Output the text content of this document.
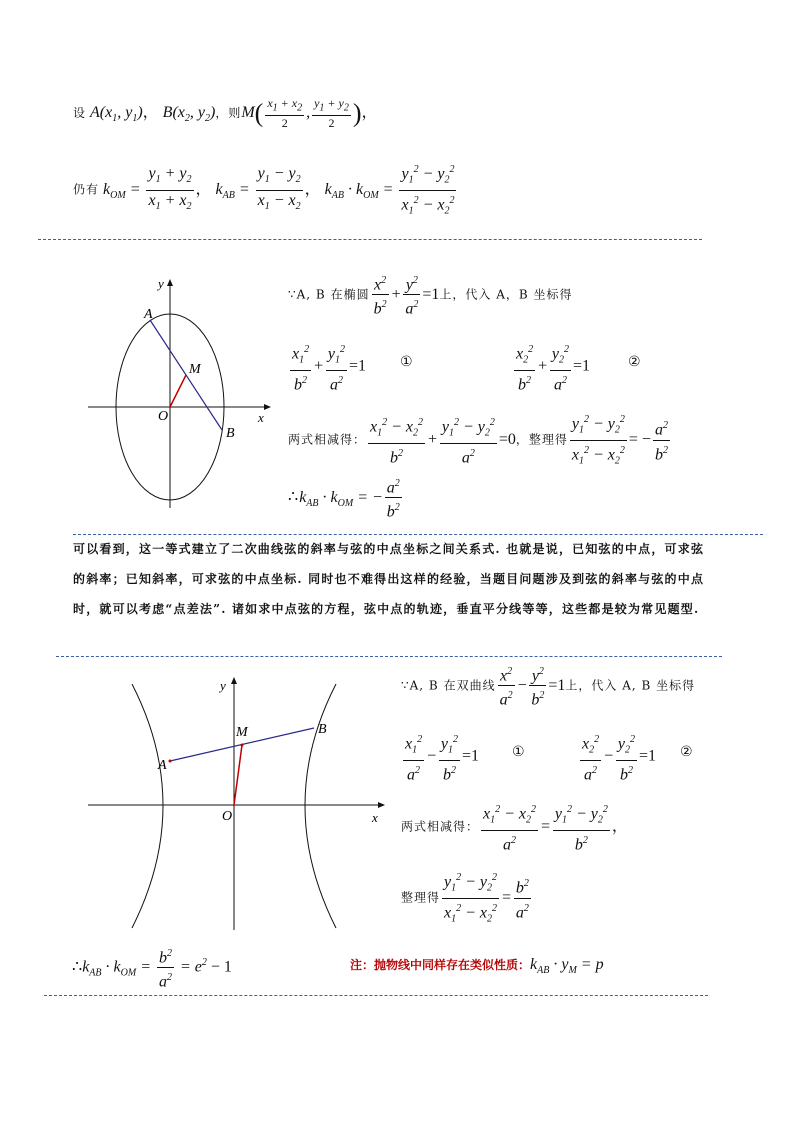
设 $A(x_1$, $y_1$)， $B(x_2$, $y_2$)，则$M( \frac{x_1 + x_2}{2}$ , $\frac{y_1 + y_2}{2}$ )，
仍有 $k_{OM} = \frac{y_1 + y_2}{x_1 + x_2}$ ， $k_{AB} = \frac{y_1 - y_2}{x_1 - x_2}$ ， $k_{AB} \cdot k_{OM} = \frac{y_1^2 - y_2^2}{x_1^2 - x_2^2}$
y
x
O
A
B
M
∵A, B 在椭圆 $\frac{x^2}{b^2} + \frac{y^2}{a^2} =1$上，代入 A，B 坐标得
$\frac{x_1^2}{b^2} + \frac{y_1^2}{a^2} =1$ ①	$\frac{x_2^2}{b^2} + \frac{y_2^2}{a^2} =1$	②
两式相减得： $\frac{x_1^2 - x_2^2}{b^2} + \frac{y_1^2 - y_2^2}{a^2} =0$，整理得 $\frac{y_1^2 - y_2^2}{x_1^2 - x_2^2}$ = − $\frac{a^2}{b^2}$
$\therefore k_{AB} \cdot k_{OM}$ = − $\frac{a^2}{b^2}$
可以看到，这一等式建立了二次曲线弦的斜率与弦的中点坐标之间关系式. 也就是说，已知弦的中点，可求弦的斜率；已知斜率，可求弦的中点坐标. 同时也不难得出这样的经验，当题目问题涉及到弦的斜率与弦的中点时，就可以考虑“点差法”. 诸如求中点弦的方程，弦中点的轨迹，垂直平分线等等，这些都是较为常见题型.
y
x
O
A
B
M
∵A, B 在双曲线 $\frac{x^2}{a^2} - \frac{y^2}{b^2} =1$上，代入 A, B 坐标得
$\frac{x_1^2}{a^2} - \frac{y_1^2}{b^2} =1$ ①	$\frac{x_2^2}{a^2} - \frac{y_2^2}{b^2} =1$ ②
两式相减得： $\frac{x_1^2 - x_2^2}{a^2} = \frac{y_1^2 - y_2^2}{b^2}$ ，
整理得 $\frac{y_1^2 - y_2^2}{x_1^2 - x_2^2} = \frac{b^2}{a^2}$
$\therefore k_{AB} \cdot k_{OM} = \frac{b^2}{a^2} = e^2 - 1$	注：抛物线中同样存在类似性质：$k_{AB} \cdot y_M = p$
